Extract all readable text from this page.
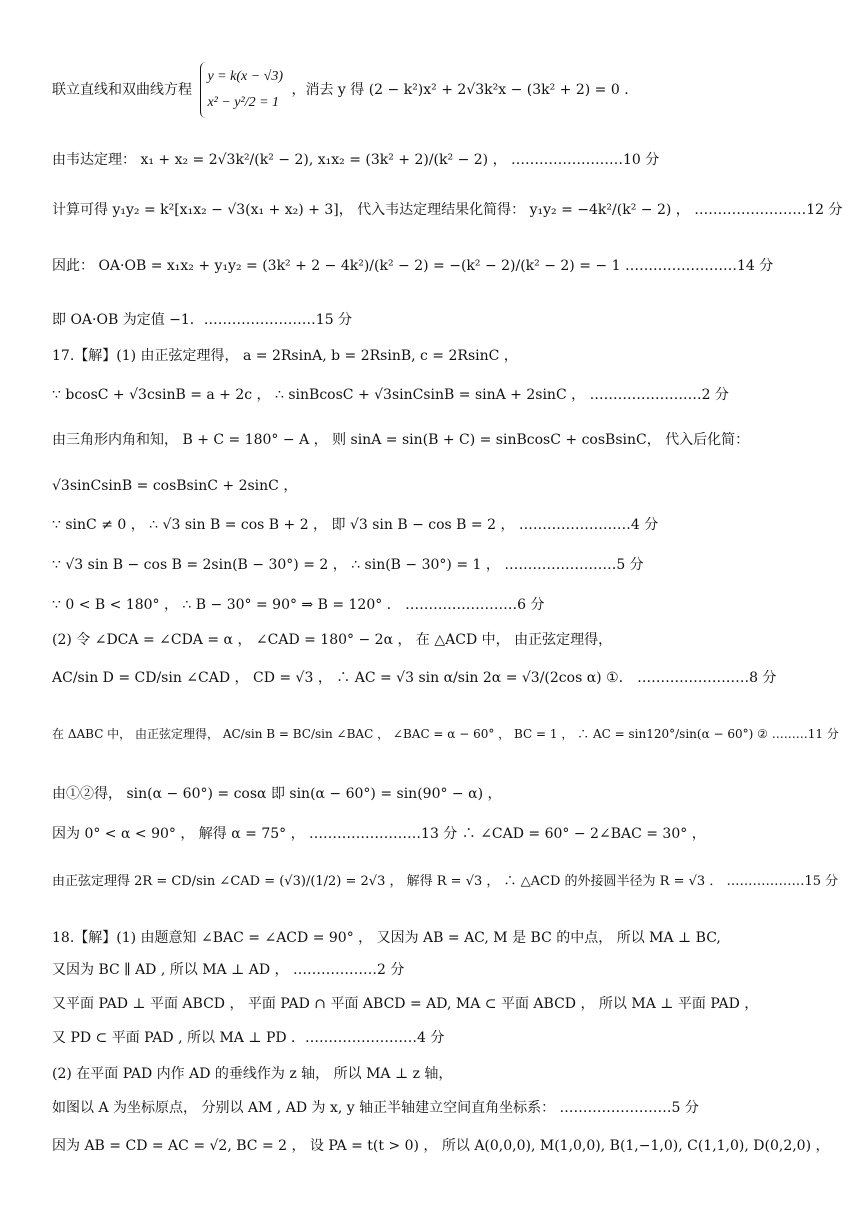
联立直线和双曲线方程
y = k(x − √3)
x² − y²/2 = 1
，消去 y 得 (2 − k²)x² + 2√3k²x − (3k² + 2) = 0 .
由韦达定理： x₁ + x₂ = 2√3k²/(k² − 2), x₁x₂ = (3k² + 2)/(k² − 2) ， ……………………10 分
计算可得 y₁y₂ = k²[x₁x₂ − √3(x₁ + x₂) + 3]， 代入韦达定理结果化简得： y₁y₂ = −4k²/(k² − 2) ， ……………………12 分
因此： OA·OB = x₁x₂ + y₁y₂ = (3k² + 2 − 4k²)/(k² − 2) = −(k² − 2)/(k² − 2) = − 1 ……………………14 分
即 OA·OB 为定值 −1．……………………15 分
17.【解】(1) 由正弦定理得， a = 2RsinA, b = 2RsinB, c = 2RsinC ，
∵ bcosC + √3csinB = a + 2c ， ∴ sinBcosC + √3sinCsinB = sinA + 2sinC ， ……………………2 分
由三角形内角和知， B + C = 180° − A ， 则 sinA = sin(B + C) = sinBcosC + cosBsinC， 代入后化简：
√3sinCsinB = cosBsinC + 2sinC ，
∵ sinC ≠ 0 ， ∴ √3 sin B = cos B + 2 ， 即 √3 sin B − cos B = 2 ， ……………………4 分
∵ √3 sin B − cos B = 2sin(B − 30°) = 2 ， ∴ sin(B − 30°) = 1 ， ……………………5 分
∵ 0 < B < 180° ， ∴ B − 30° = 90° ⇒ B = 120° ． ……………………6 分
(2) 令 ∠DCA = ∠CDA = α ， ∠CAD = 180° − 2α ， 在 △ACD 中， 由正弦定理得，
AC/sin D = CD/sin ∠CAD ， CD = √3 ， ∴ AC = √3 sin α/sin 2α = √3/(2cos α) ①． ……………………8 分
在 ΔABC 中， 由正弦定理得， AC/sin B = BC/sin ∠BAC ， ∠BAC = α − 60° ， BC = 1 ， ∴ AC = sin120°/sin(α − 60°) ② ………11 分
由①②得， sin(α − 60°) = cosα 即 sin(α − 60°) = sin(90° − α) ，
因为 0° < α < 90° ， 解得 α = 75° ， ……………………13 分 ∴ ∠CAD = 60° − 2∠BAC = 30° ，
由正弦定理得 2R = CD/sin ∠CAD = (√3)/(1/2) = 2√3 ， 解得 R = √3 ， ∴ △ACD 的外接圆半径为 R = √3 ． ………………15 分
18.【解】(1) 由题意知 ∠BAC = ∠ACD = 90° ， 又因为 AB = AC, M 是 BC 的中点， 所以 MA ⊥ BC,
又因为 BC ∥ AD , 所以 MA ⊥ AD ， ………………2 分
又平面 PAD ⊥ 平面 ABCD ， 平面 PAD ∩ 平面 ABCD = AD, MA ⊂ 平面 ABCD ， 所以 MA ⊥ 平面 PAD ，
又 PD ⊂ 平面 PAD , 所以 MA ⊥ PD ．……………………4 分
(2) 在平面 PAD 内作 AD 的垂线作为 z 轴， 所以 MA ⊥ z 轴，
如图以 A 为坐标原点， 分别以 AM , AD 为 x, y 轴正半轴建立空间直角坐标系： ……………………5 分
因为 AB = CD = AC = √2, BC = 2 ， 设 PA = t(t > 0) ， 所以 A(0,0,0), M(1,0,0), B(1,−1,0), C(1,1,0), D(0,2,0) ，
